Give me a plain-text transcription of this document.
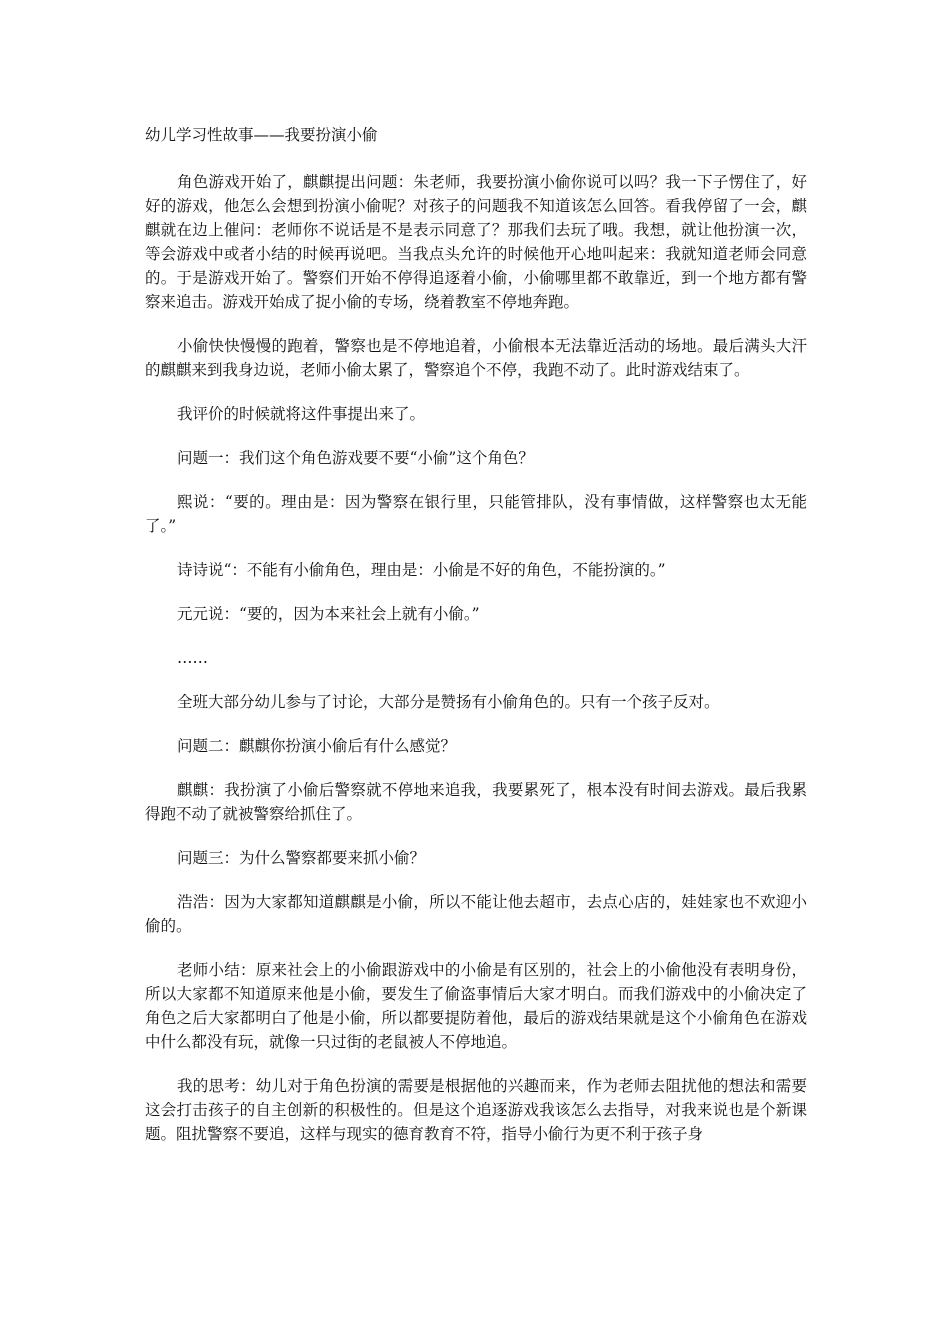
幼儿学习性故事——我要扮演小偷

角色游戏开始了，麒麒提出问题：朱老师，我要扮演小偷你说可以吗？我一下子愣住了，好好的游戏，他怎么会想到扮演小偷呢？对孩子的问题我不知道该怎么回答。看我停留了一会，麒麒就在边上催问：老师你不说话是不是表示同意了？那我们去玩了哦。我想，就让他扮演一次，等会游戏中或者小结的时候再说吧。当我点头允许的时候他开心地叫起来：我就知道老师会同意的。于是游戏开始了。警察们开始不停得追逐着小偷，小偷哪里都不敢靠近，到一个地方都有警察来追击。游戏开始成了捉小偷的专场，绕着教室不停地奔跑。

小偷快快慢慢的跑着，警察也是不停地追着，小偷根本无法靠近活动的场地。最后满头大汗的麒麒来到我身边说，老师小偷太累了，警察追个不停，我跑不动了。此时游戏结束了。

我评价的时候就将这件事提出来了。

问题一：我们这个角色游戏要不要“小偷”这个角色？

熙说：“要的。理由是：因为警察在银行里，只能管排队，没有事情做，这样警察也太无能了。”

诗诗说“：不能有小偷角色，理由是：小偷是不好的角色，不能扮演的。”

元元说：“要的，因为本来社会上就有小偷。”

……

全班大部分幼儿参与了讨论，大部分是赞扬有小偷角色的。只有一个孩子反对。

问题二：麒麒你扮演小偷后有什么感觉？

麒麒：我扮演了小偷后警察就不停地来追我，我要累死了，根本没有时间去游戏。最后我累得跑不动了就被警察给抓住了。

问题三：为什么警察都要来抓小偷？

浩浩：因为大家都知道麒麒是小偷，所以不能让他去超市，去点心店的，娃娃家也不欢迎小偷的。

老师小结：原来社会上的小偷跟游戏中的小偷是有区别的，社会上的小偷他没有表明身份，所以大家都不知道原来他是小偷，要发生了偷盗事情后大家才明白。而我们游戏中的小偷决定了角色之后大家都明白了他是小偷，所以都要提防着他，最后的游戏结果就是这个小偷角色在游戏中什么都没有玩，就像一只过街的老鼠被人不停地追。

我的思考：幼儿对于角色扮演的需要是根据他的兴趣而来，作为老师去阻扰他的想法和需要这会打击孩子的自主创新的积极性的。但是这个追逐游戏我该怎么去指导，对我来说也是个新课题。阻扰警察不要追，这样与现实的德育教育不符，指导小偷行为更不利于孩子身
